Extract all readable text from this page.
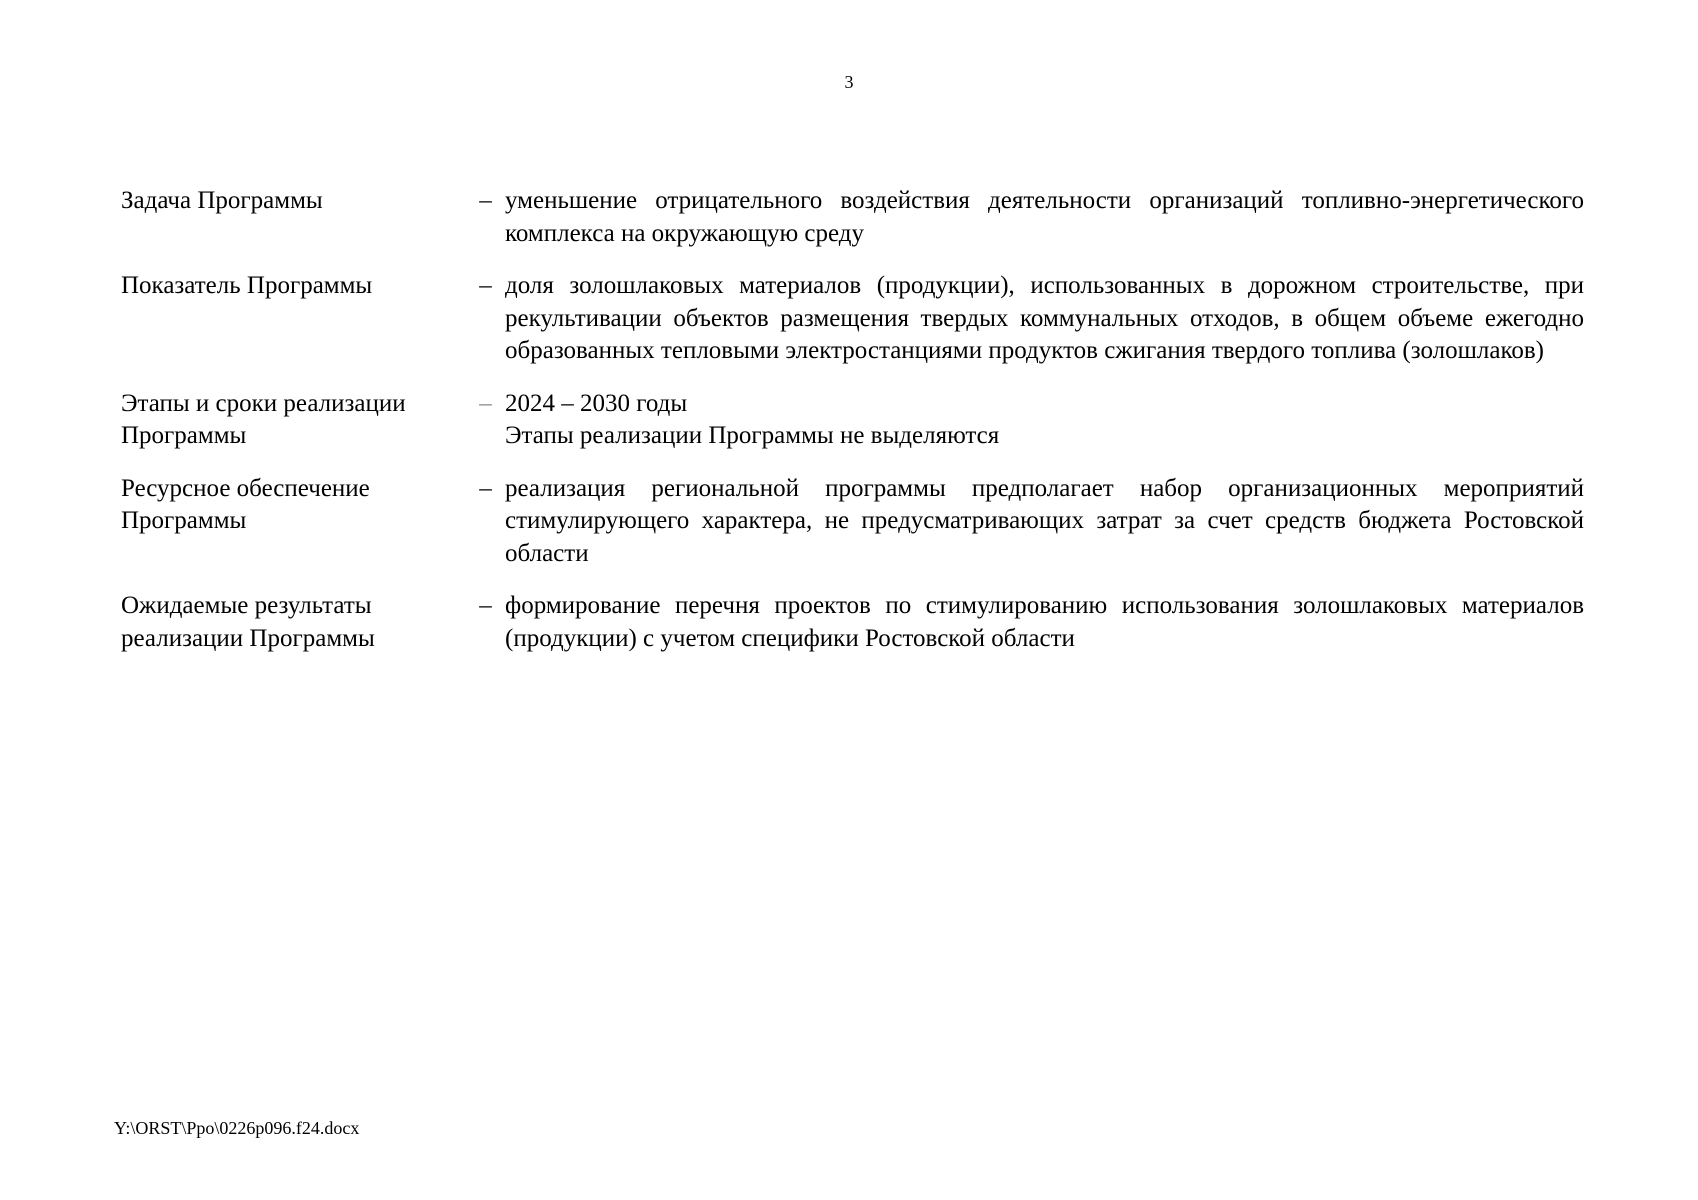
3
Задача Программы	–	уменьшение отрицательного воздействия деятельности организаций топливно-энергетического комплекса на окружающую среду

Показатель Программы	–	доля золошлаковых материалов (продукции), использованных в дорожном строительстве, при рекультивации объектов размещения твердых коммунальных отходов, в общем объеме ежегодно образованных тепловыми электростанциями продуктов сжигания твердого топлива (золошлаков)

Этапы и сроки реализации
Программы	–	2024 – 2030 годы
Этапы реализации Программы не выделяются

Ресурсное обеспечение
Программы	–	реализация региональной программы предполагает набор организационных мероприятий стимулирующего характера, не предусматривающих затрат за счет средств бюджета Ростовской области

Ожидаемые результаты
реализации Программы	–	формирование перечня проектов по стимулированию использования золошлаковых материалов (продукции) с учетом специфики Ростовской области
Y:\ORST\Ppo\0226p096.f24.docx
